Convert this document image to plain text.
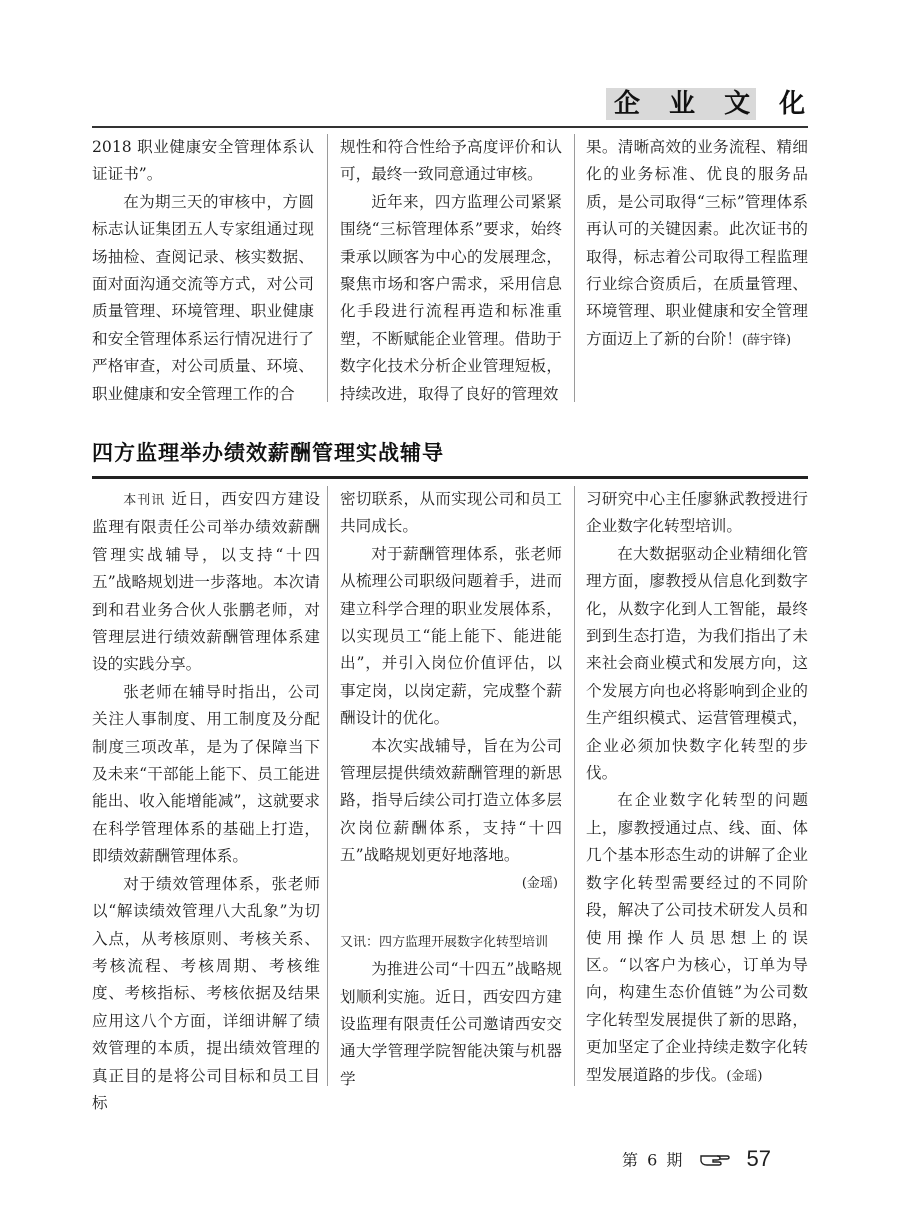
企 业 文 化

2018 职业健康安全管理体系认证证书”。

在为期三天的审核中，方圆标志认证集团五人专家组通过现场抽检、查阅记录、核实数据、面对面沟通交流等方式，对公司质量管理、环境管理、职业健康和安全管理体系运行情况进行了严格审查，对公司质量、环境、职业健康和安全管理工作的合

规性和符合性给予高度评价和认可，最终一致同意通过审核。

近年来，四方监理公司紧紧围绕“三标管理体系”要求，始终秉承以顾客为中心的发展理念，聚焦市场和客户需求，采用信息化手段进行流程再造和标准重塑，不断赋能企业管理。借助于数字化技术分析企业管理短板，持续改进，取得了良好的管理效

果。清晰高效的业务流程、精细化的业务标准、优良的服务品质，是公司取得“三标”管理体系再认可的关键因素。此次证书的取得，标志着公司取得工程监理行业综合资质后，在质量管理、环境管理、职业健康和安全管理方面迈上了新的台阶！(薛宇锋)

四方监理举办绩效薪酬管理实战辅导

本刊讯 近日，西安四方建设监理有限责任公司举办绩效薪酬管理实战辅导，以支持“十四五”战略规划进一步落地。本次请到和君业务合伙人张鹏老师，对管理层进行绩效薪酬管理体系建设的实践分享。

张老师在辅导时指出，公司关注人事制度、用工制度及分配制度三项改革，是为了保障当下及未来“干部能上能下、员工能进能出、收入能增能减”，这就要求在科学管理体系的基础上打造，即绩效薪酬管理体系。

对于绩效管理体系，张老师以“解读绩效管理八大乱象”为切入点，从考核原则、考核关系、考核流程、考核周期、考核维度、考核指标、考核依据及结果应用这八个方面，详细讲解了绩效管理的本质，提出绩效管理的真正目的是将公司目标和员工目标

密切联系，从而实现公司和员工共同成长。

对于薪酬管理体系，张老师从梳理公司职级问题着手，进而建立科学合理的职业发展体系，以实现员工“能上能下、能进能出”，并引入岗位价值评估，以事定岗，以岗定薪，完成整个薪酬设计的优化。

本次实战辅导，旨在为公司管理层提供绩效薪酬管理的新思路，指导后续公司打造立体多层次岗位薪酬体系，支持“十四五”战略规划更好地落地。

(金瑶)

又讯：四方监理开展数字化转型培训

为推进公司“十四五”战略规划顺利实施。近日，西安四方建设监理有限责任公司邀请西安交通大学管理学院智能决策与机器学

习研究中心主任廖貅武教授进行企业数字化转型培训。

在大数据驱动企业精细化管理方面，廖教授从信息化到数字化，从数字化到人工智能，最终到到生态打造，为我们指出了未来社会商业模式和发展方向，这个发展方向也必将影响到企业的生产组织模式、运营管理模式，企业必须加快数字化转型的步伐。

在企业数字化转型的问题上，廖教授通过点、线、面、体几个基本形态生动的讲解了企业数字化转型需要经过的不同阶段，解决了公司技术研发人员和使用操作人员思想上的误区。“以客户为核心，订单为导向，构建生态价值链”为公司数字化转型发展提供了新的思路，更加坚定了企业持续走数字化转型发展道路的步伐。(金瑶)

第 6 期	57
